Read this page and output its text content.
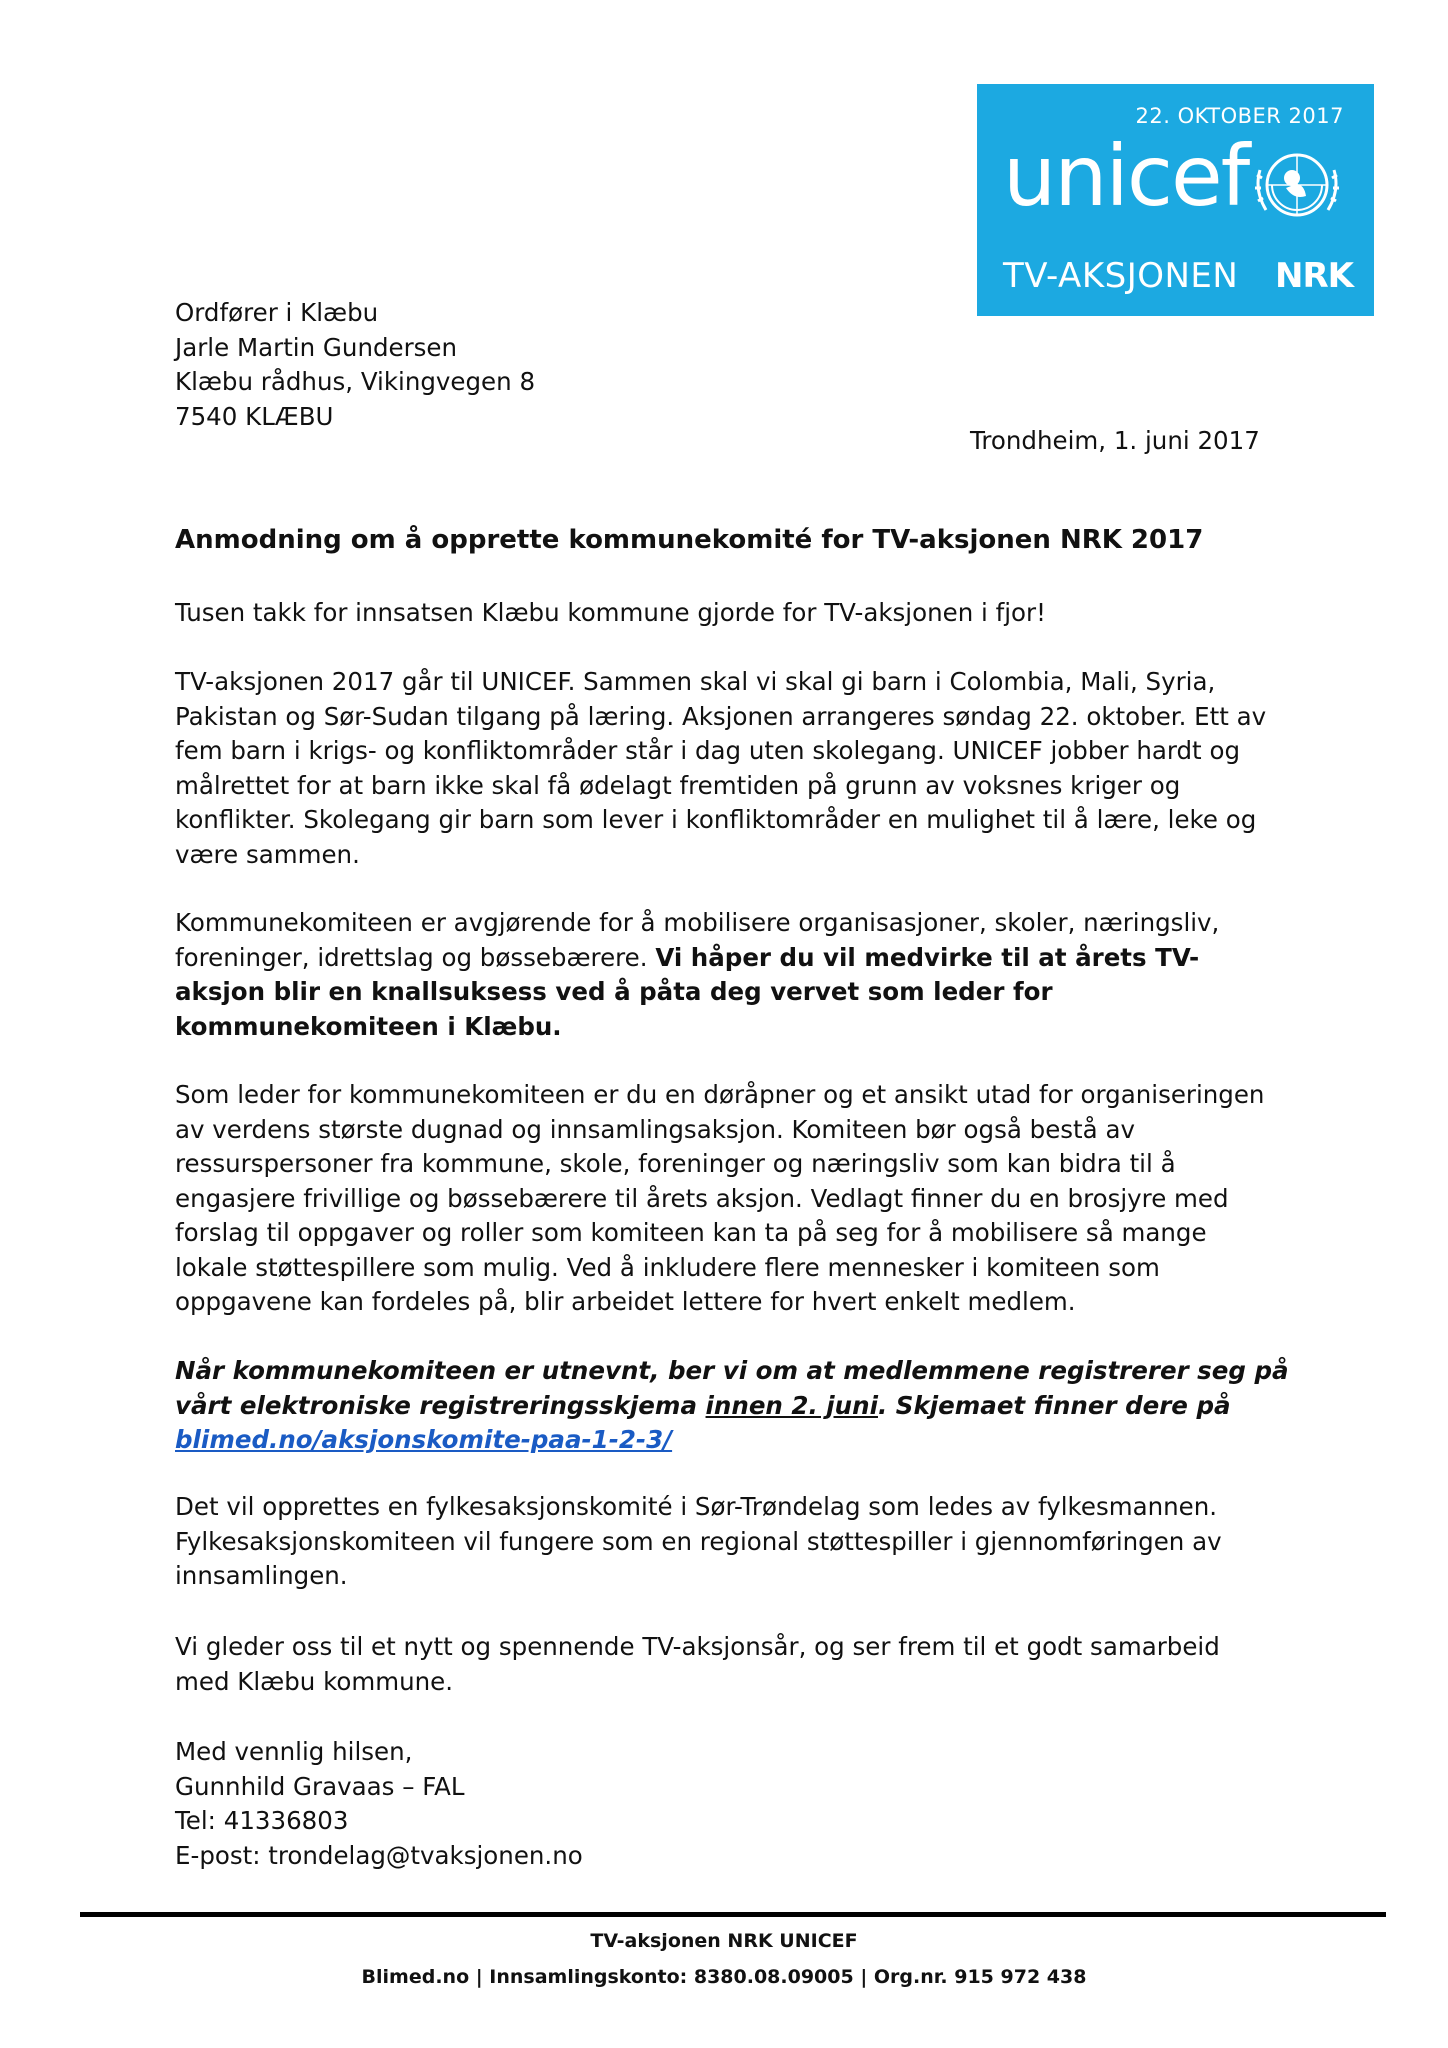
22. OKTOBER 2017
unicef
TV-AKSJONEN NRK
Ordfører i Klæbu
Jarle Martin Gundersen
Klæbu rådhus, Vikingvegen 8
7540 KLÆBU
Trondheim, 1. juni 2017
Anmodning om å opprette kommunekomité for TV-aksjonen NRK 2017
Tusen takk for innsatsen Klæbu kommune gjorde for TV-aksjonen i fjor!
TV-aksjonen 2017 går til UNICEF. Sammen skal vi skal gi barn i Colombia, Mali, Syria,
Pakistan og Sør-Sudan tilgang på læring. Aksjonen arrangeres søndag 22. oktober. Ett av
fem barn i krigs- og konfliktområder står i dag uten skolegang. UNICEF jobber hardt og
målrettet for at barn ikke skal få ødelagt fremtiden på grunn av voksnes kriger og
konflikter. Skolegang gir barn som lever i konfliktområder en mulighet til å lære, leke og
være sammen.
Kommunekomiteen er avgjørende for å mobilisere organisasjoner, skoler, næringsliv,
foreninger, idrettslag og bøssebærere. Vi håper du vil medvirke til at årets TV-
aksjon blir en knallsuksess ved å påta deg vervet som leder for
kommunekomiteen i Klæbu.
Som leder for kommunekomiteen er du en døråpner og et ansikt utad for organiseringen
av verdens største dugnad og innsamlingsaksjon. Komiteen bør også bestå av
ressurspersoner fra kommune, skole, foreninger og næringsliv som kan bidra til å
engasjere frivillige og bøssebærere til årets aksjon. Vedlagt finner du en brosjyre med
forslag til oppgaver og roller som komiteen kan ta på seg for å mobilisere så mange
lokale støttespillere som mulig. Ved å inkludere flere mennesker i komiteen som
oppgavene kan fordeles på, blir arbeidet lettere for hvert enkelt medlem.
Når kommunekomiteen er utnevnt, ber vi om at medlemmene registrerer seg på
vårt elektroniske registreringsskjema innen 2. juni. Skjemaet finner dere på
blimed.no/aksjonskomite-paa-1-2-3/
Det vil opprettes en fylkesaksjonskomité i Sør-Trøndelag som ledes av fylkesmannen.
Fylkesaksjonskomiteen vil fungere som en regional støttespiller i gjennomføringen av
innsamlingen.
Vi gleder oss til et nytt og spennende TV-aksjonsår, og ser frem til et godt samarbeid
med Klæbu kommune.
Med vennlig hilsen,
Gunnhild Gravaas – FAL
Tel: 41336803
E-post: trondelag@tvaksjonen.no
TV-aksjonen NRK UNICEF
Blimed.no | Innsamlingskonto: 8380.08.09005 | Org.nr. 915 972 438
